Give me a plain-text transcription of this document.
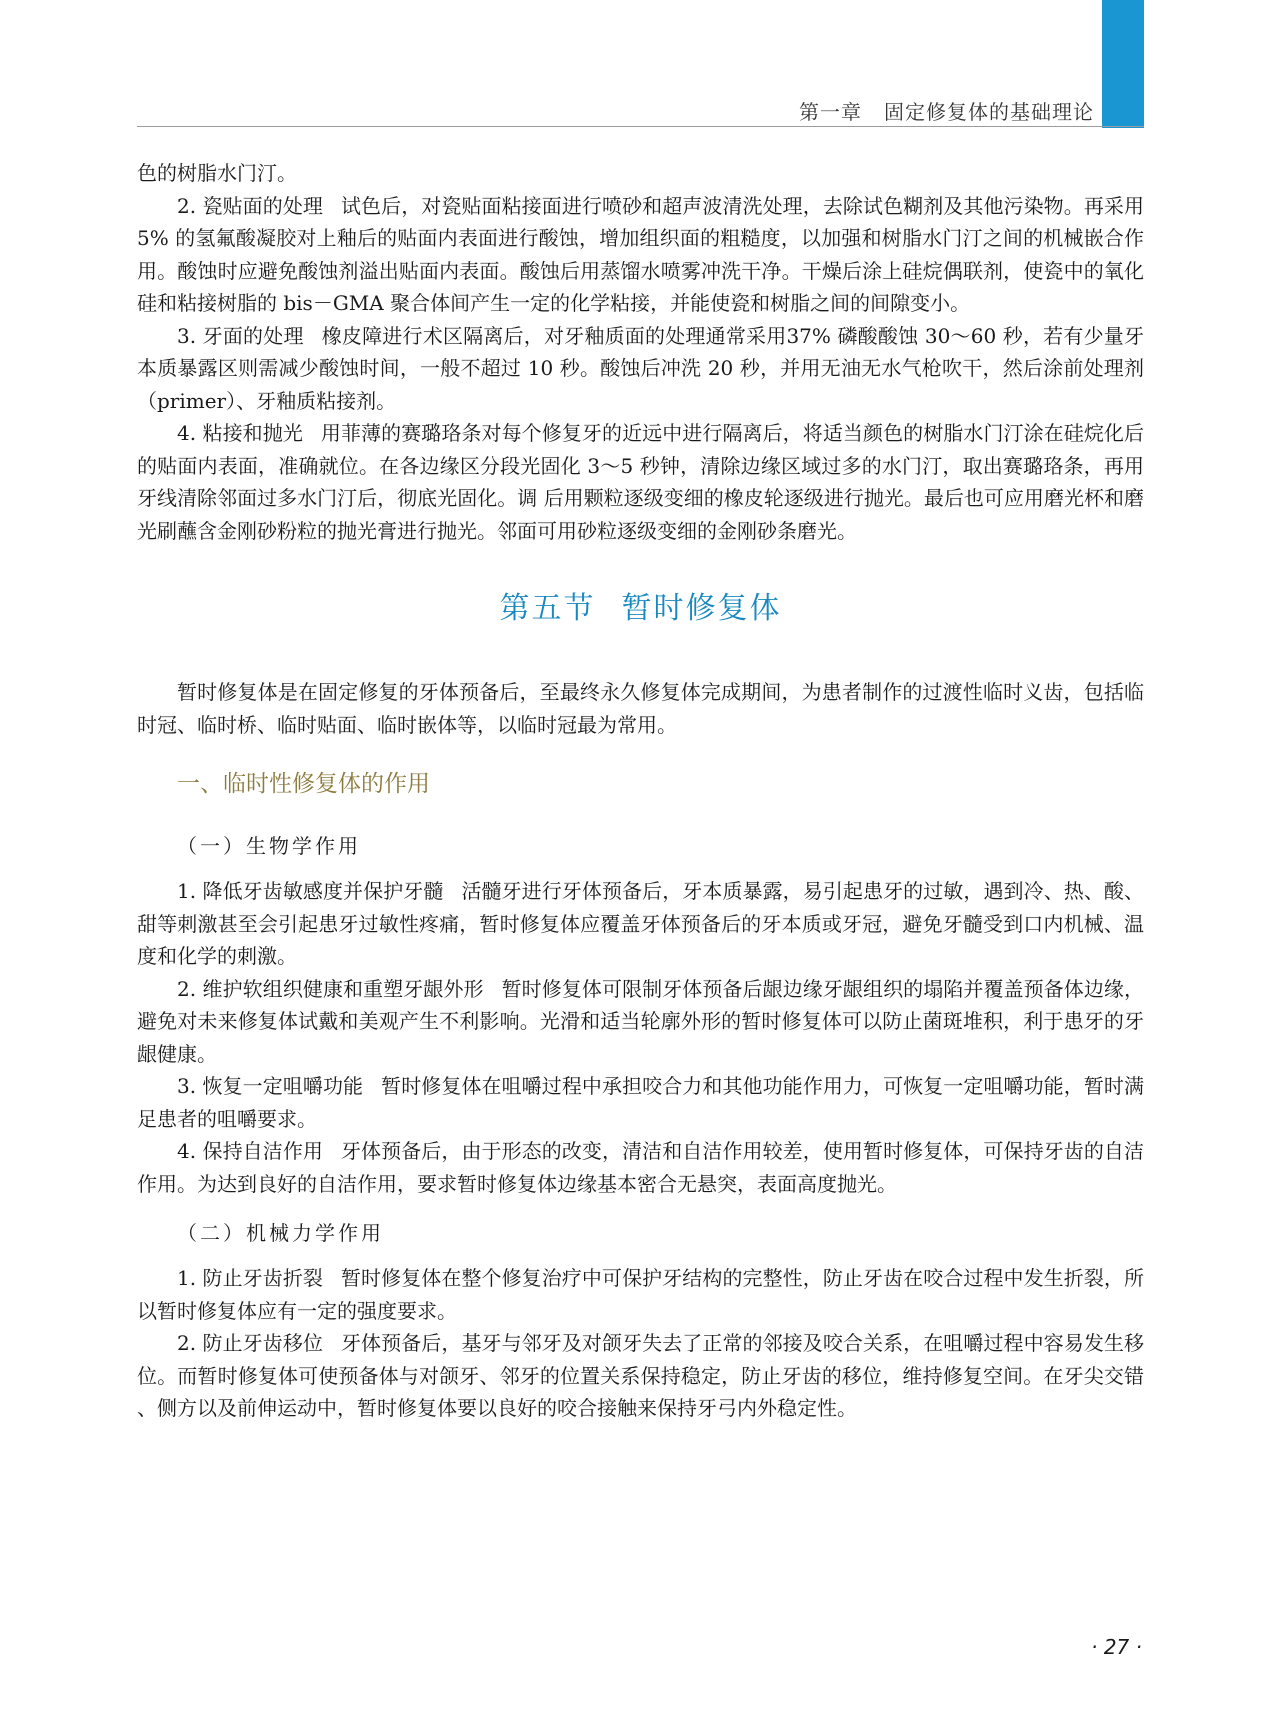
第一章 固定修复体的基础理论

色的树脂水门汀。

2. 瓷贴面的处理 试色后，对瓷贴面粘接面进行喷砂和超声波清洗处理，去除试色糊剂及其他污染物。再采用5% 的氢氟酸凝胶对上釉后的贴面内表面进行酸蚀，增加组织面的粗糙度，以加强和树脂水门汀之间的机械嵌合作用。酸蚀时应避免酸蚀剂溢出贴面内表面。酸蚀后用蒸馏水喷雾冲洗干净。干燥后涂上硅烷偶联剂，使瓷中的氧化硅和粘接树脂的 bis－GMA 聚合体间产生一定的化学粘接，并能使瓷和树脂之间的间隙变小。

3. 牙面的处理 橡皮障进行术区隔离后，对牙釉质面的处理通常采用37% 磷酸酸蚀 30～60 秒，若有少量牙本质暴露区则需减少酸蚀时间，一般不超过 10 秒。酸蚀后冲洗 20 秒，并用无油无水气枪吹干，然后涂前处理剂（primer）、牙釉质粘接剂。

4. 粘接和抛光 用菲薄的赛璐珞条对每个修复牙的近远中进行隔离后，将适当颜色的树脂水门汀涂在硅烷化后的贴面内表面，准确就位。在各边缘区分段光固化 3～5 秒钟，清除边缘区域过多的水门汀，取出赛璐珞条，再用牙线清除邻面过多水门汀后，彻底光固化。调 后用颗粒逐级变细的橡皮轮逐级进行抛光。最后也可应用磨光杯和磨光刷蘸含金刚砂粉粒的抛光膏进行抛光。邻面可用砂粒逐级变细的金刚砂条磨光。

第五节 暂时修复体

暂时修复体是在固定修复的牙体预备后，至最终永久修复体完成期间，为患者制作的过渡性临时义齿，包括临时冠、临时桥、临时贴面、临时嵌体等，以临时冠最为常用。

一、临时性修复体的作用
（一）生物学作用

1. 降低牙齿敏感度并保护牙髓 活髓牙进行牙体预备后，牙本质暴露，易引起患牙的过敏，遇到冷、热、酸、甜等刺激甚至会引起患牙过敏性疼痛，暂时修复体应覆盖牙体预备后的牙本质或牙冠，避免牙髓受到口内机械、温度和化学的刺激。

2. 维护软组织健康和重塑牙龈外形 暂时修复体可限制牙体预备后龈边缘牙龈组织的塌陷并覆盖预备体边缘，避免对未来修复体试戴和美观产生不利影响。光滑和适当轮廓外形的暂时修复体可以防止菌斑堆积，利于患牙的牙龈健康。

3. 恢复一定咀嚼功能 暂时修复体在咀嚼过程中承担咬合力和其他功能作用力，可恢复一定咀嚼功能，暂时满足患者的咀嚼要求。

4. 保持自洁作用 牙体预备后，由于形态的改变，清洁和自洁作用较差，使用暂时修复体，可保持牙齿的自洁作用。为达到良好的自洁作用，要求暂时修复体边缘基本密合无悬突，表面高度抛光。

（二）机械力学作用

1. 防止牙齿折裂 暂时修复体在整个修复治疗中可保护牙结构的完整性，防止牙齿在咬合过程中发生折裂，所以暂时修复体应有一定的强度要求。

2. 防止牙齿移位 牙体预备后，基牙与邻牙及对颌牙失去了正常的邻接及咬合关系，在咀嚼过程中容易发生移位。而暂时修复体可使预备体与对颌牙、邻牙的位置关系保持稳定，防止牙齿的移位，维持修复空间。在牙尖交错 、侧方以及前伸运动中，暂时修复体要以良好的咬合接触来保持牙弓内外稳定性。

· 27 ·
